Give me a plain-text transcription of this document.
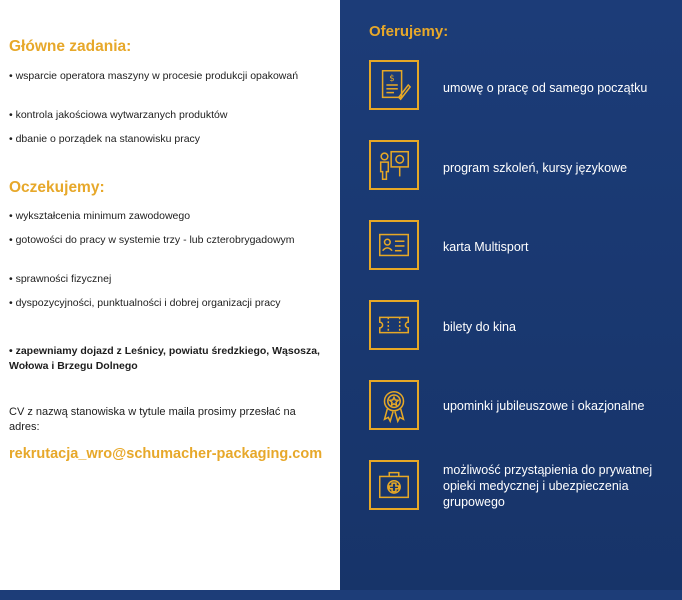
Główne zadania:
• wsparcie operatora maszyny w procesie produkcji opakowań
• kontrola jakościowa wytwarzanych produktów
• dbanie o porządek na stanowisku pracy
Oczekujemy:
• wykształcenia minimum zawodowego
• gotowości do pracy w systemie trzy - lub czterobrygadowym
• sprawności fizycznej
• dyspozycyjności, punktualności i dobrej organizacji pracy
• zapewniamy dojazd z Leśnicy, powiatu średzkiego, Wąsosza, Wołowa i Brzegu Dolnego
CV z nazwą stanowiska w tytule maila prosimy przesłać na adres:
rekrutacja_wro@schumacher-packaging.com
Oferujemy:
$
umowę o pracę od samego początku
program szkoleń, kursy językowe
karta Multisport
bilety do kina
upominki jubileuszowe i okazjonalne
możliwość przystąpienia do prywatnej opieki medycznej i ubezpieczenia grupowego
